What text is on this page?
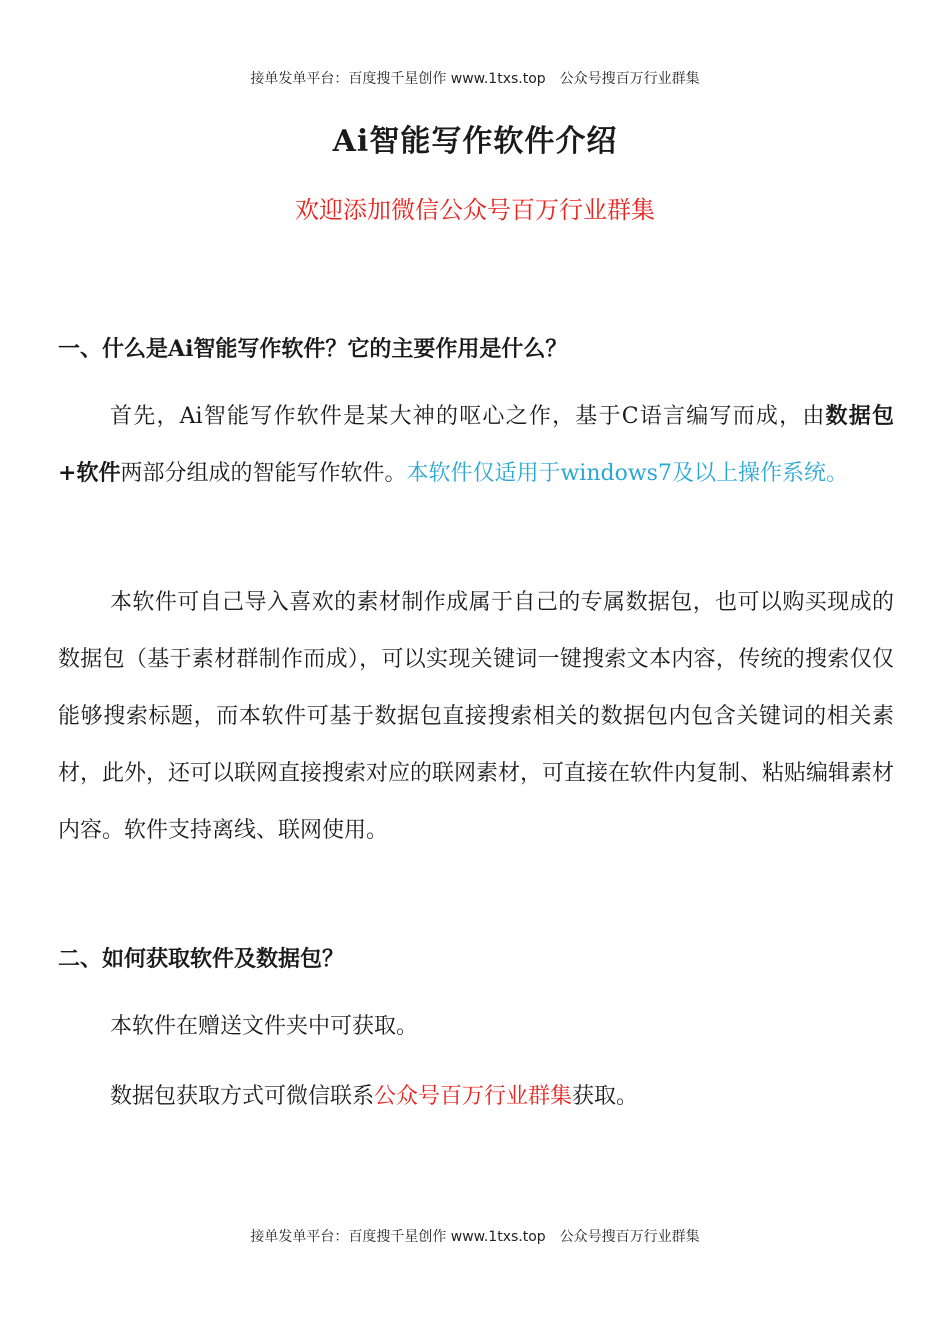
接单发单平台：百度搜千星创作 www.1txs.top 公众号搜百万行业群集
Ai智能写作软件介绍
欢迎添加微信公众号百万行业群集
一、什么是Ai智能写作软件？它的主要作用是什么？
首先，Ai智能写作软件是某大神的呕心之作，基于C语言编写而成，由数据包+软件两部分组成的智能写作软件。本软件仅适用于windows7及以上操作系统。
本软件可自己导入喜欢的素材制作成属于自己的专属数据包，也可以购买现成的数据包（基于素材群制作而成），可以实现关键词一键搜索文本内容，传统的搜索仅仅能够搜索标题，而本软件可基于数据包直接搜索相关的数据包内包含关键词的相关素材，此外，还可以联网直接搜索对应的联网素材，可直接在软件内复制、粘贴编辑素材内容。软件支持离线、联网使用。
二、如何获取软件及数据包？
本软件在赠送文件夹中可获取。
数据包获取方式可微信联系公众号百万行业群集获取。
接单发单平台：百度搜千星创作 www.1txs.top 公众号搜百万行业群集
